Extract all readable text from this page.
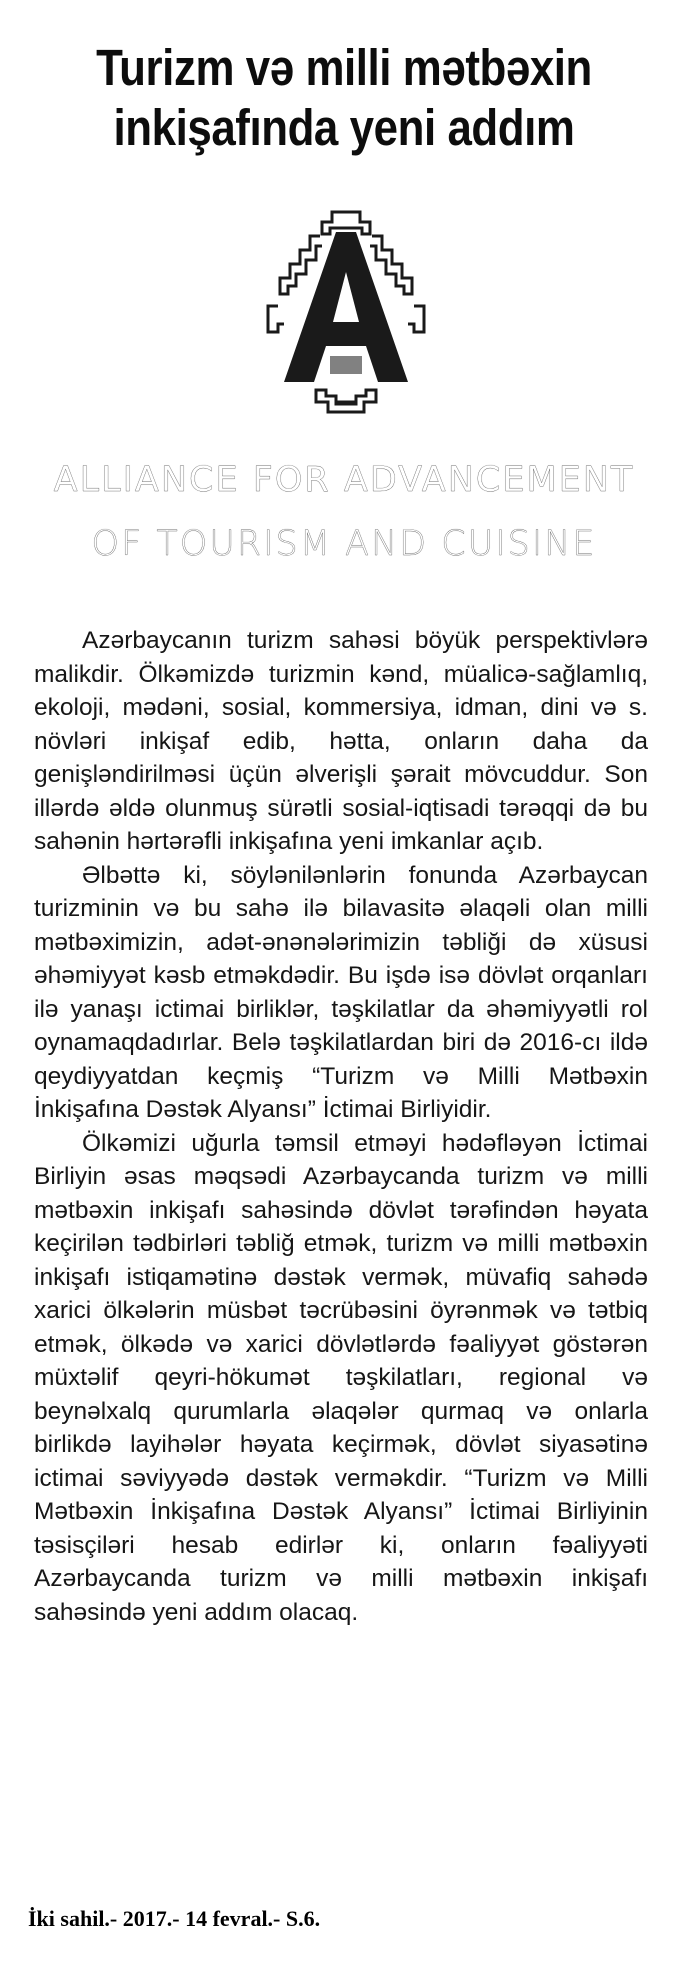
Turizm və milli mətbəxin
inkişafında yeni addım
A
ALLIANCE FOR ADVANCEMENT
OF TOURISM AND CUISINE

Azərbaycanın turizm sahəsi böyük perspektivlərə malikdir. Ölkəmizdə turizmin kənd, müalicə-sağlamlıq, ekoloji, mədəni, sosial, kommersiya, idman, dini və s. növləri inkişaf edib, hətta, onların daha da genişləndirilməsi üçün əlverişli şərait mövcuddur. Son illərdə əldə olunmuş sürətli sosial-iqtisadi tərəqqi də bu sahənin hərtərəfli inkişafına yeni imkanlar açıb.

Əlbəttə ki, söylənilənlərin fonunda Azərbaycan turizminin və bu sahə ilə bilavasitə əlaqəli olan milli mətbəximizin, adət-ənənələrimizin təbliği də xüsusi əhəmiyyət kəsb etməkdədir. Bu işdə isə dövlət orqanları ilə yanaşı ictimai birliklər, təşkilatlar da əhəmiyyətli rol oynamaqdadırlar. Belə təşkilatlardan biri də 2016-cı ildə qeydiyyatdan keçmiş “Turizm və Milli Mətbəxin İnkişafına Dəstək Alyansı” İctimai Birliyidir.

Ölkəmizi uğurla təmsil etməyi hədəfləyən İctimai Birliyin əsas məqsədi Azərbaycanda turizm və milli mətbəxin inkişafı sahəsində dövlət tərəfindən həyata keçirilən tədbirləri təbliğ etmək, turizm və milli mətbəxin inkişafı istiqamətinə dəstək vermək, müvafiq sahədə xarici ölkələrin müsbət təcrübəsini öyrənmək və tətbiq etmək, ölkədə və xarici dövlətlərdə fəaliyyət göstərən müxtəlif qeyri-hökumət təşkilatları, regional və beynəlxalq qurumlarla əlaqələr qurmaq və onlarla birlikdə layihələr həyata keçirmək, dövlət siyasətinə ictimai səviyyədə dəstək verməkdir. “Turizm və Milli Mətbəxin İnkişafına Dəstək Alyansı” İctimai Birliyinin təsisçiləri hesab edirlər ki, onların fəaliyyəti Azərbaycanda turizm və milli mətbəxin inkişafı sahəsində yeni addım olacaq.

İki sahil.- 2017.- 14 fevral.- S.6.
